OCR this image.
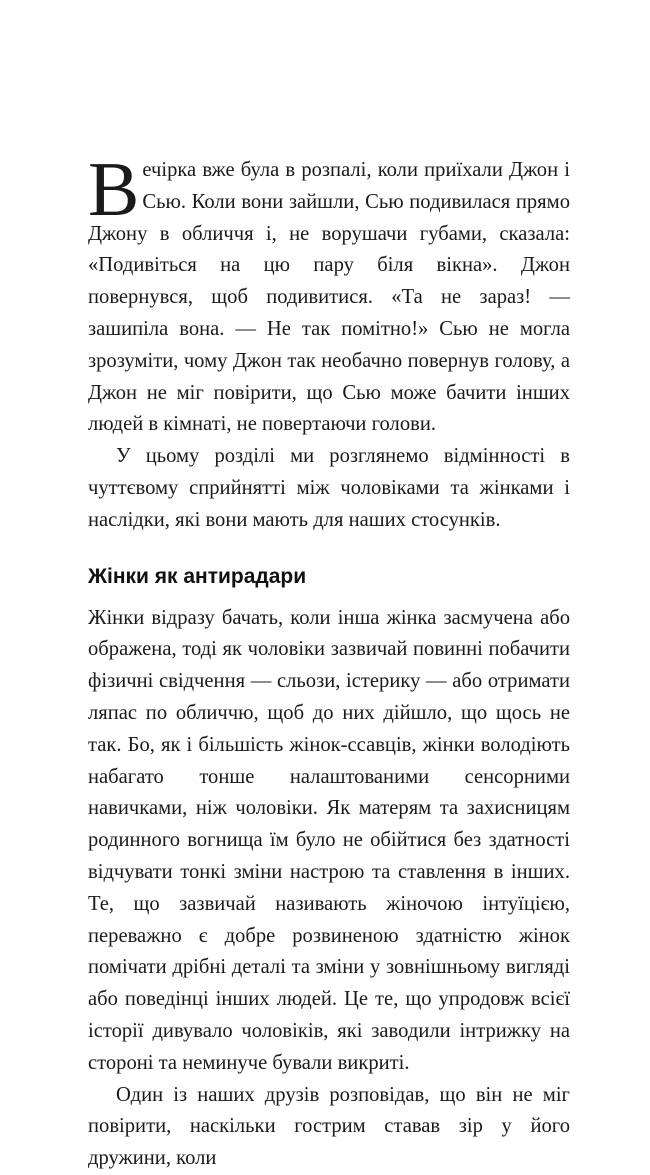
Вечірка вже була в розпалі, коли приїхали Джон і Сью. Коли вони зайшли, Сью подивилася прямо Джону в обличчя і, не ворушачи губами, сказала: «Подивіться на цю пару біля вікна». Джон повернувся, щоб подивитися. «Та не зараз! — зашипіла вона. — Не так помітно!» Сью не могла зрозуміти, чому Джон так необачно повернув голову, а Джон не міг повірити, що Сью може бачити інших людей в кімнаті, не повертаючи голови.

У цьому розділі ми розглянемо відмінності в чуттєвому сприйнятті між чоловіками та жінками і наслідки, які вони мають для наших стосунків.

Жінки як антирадари

Жінки відразу бачать, коли інша жінка засмучена або ображена, тоді як чоловіки зазвичай повинні побачити фізичні свідчення — сльози, істерику — або отримати ляпас по обличчю, щоб до них дійшло, що щось не так. Бо, як і більшість жінок-ссавців, жінки володіють набагато тонше налаштованими сенсорними навичками, ніж чоловіки. Як матерям та захисницям родинного вогнища їм було не обійтися без здатності відчувати тонкі зміни настрою та ставлення в інших. Те, що зазвичай називають жіночою інтуїцією, переважно є добре розвиненою здатністю жінок помічати дрібні деталі та зміни у зовнішньому вигляді або поведінці інших людей. Це те, що упродовж всієї історії дивувало чоловіків, які заводили інтрижку на стороні та неминуче бували викриті.

Один із наших друзів розповідав, що він не міг повірити, наскільки гострим ставав зір у його дружини, коли
